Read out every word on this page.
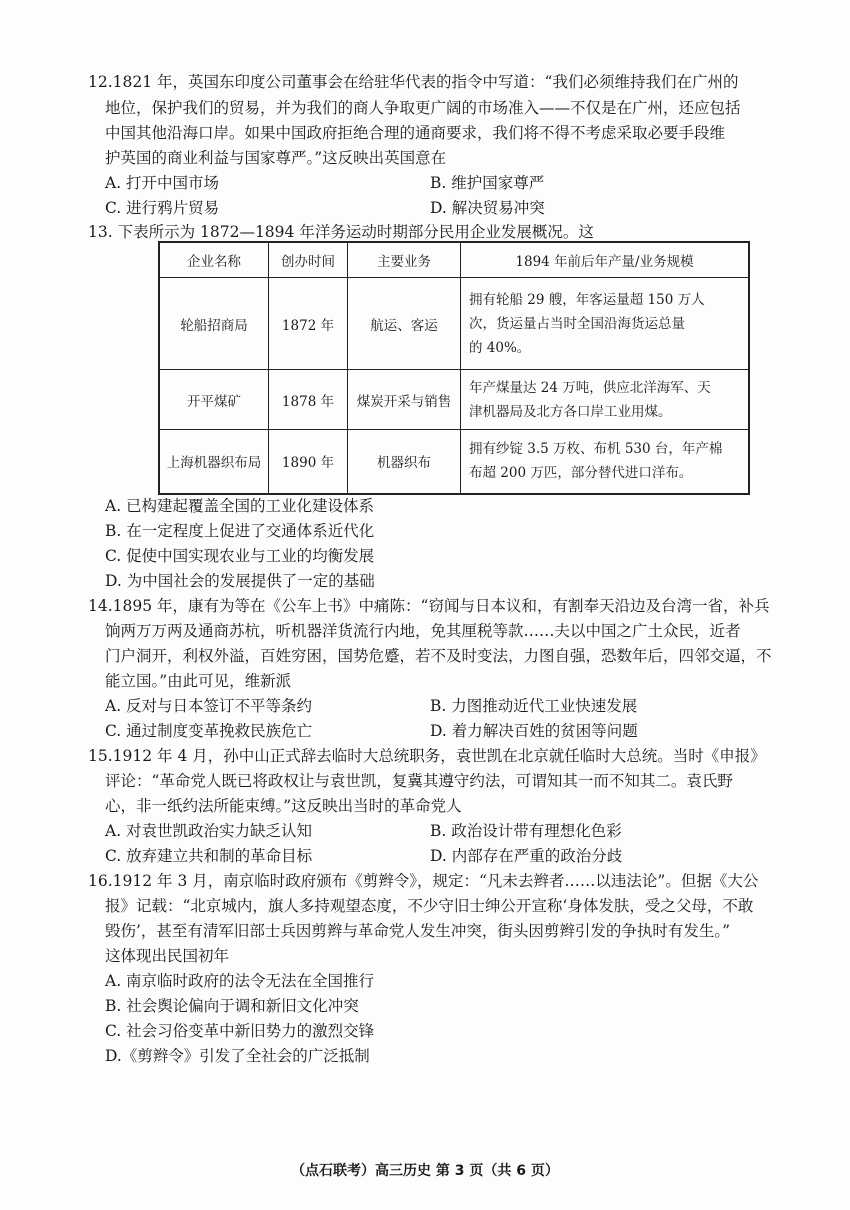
12.1821 年，英国东印度公司董事会在给驻华代表的指令中写道：“我们必须维持我们在广州的
地位，保护我们的贸易，并为我们的商人争取更广阔的市场准入——不仅是在广州，还应包括
中国其他沿海口岸。如果中国政府拒绝合理的通商要求，我们将不得不考虑采取必要手段维
护英国的商业利益与国家尊严。”这反映出英国意在
A. 打开中国市场	B. 维护国家尊严
C. 进行鸦片贸易	D. 解决贸易冲突
13. 下表所示为 1872—1894 年洋务运动时期部分民用企业发展概况。这
企业名称	创办时间	主要业务	1894 年前后年产量/业务规模
轮船招商局	1872 年	航运、客运	拥有轮船 29 艘，年客运量超 150 万人
次，货运量占当时全国沿海货运总量
的 40%。

开平煤矿	1878 年	煤炭开采与销售	年产煤量达 24 万吨，供应北洋海军、天
津机器局及北方各口岸工业用煤。

上海机器织布局	1890 年	机器织布	拥有纱锭 3.5 万枚、布机 530 台，年产棉
布超 200 万匹，部分替代进口洋布。
A. 已构建起覆盖全国的工业化建设体系
B. 在一定程度上促进了交通体系近代化
C. 促使中国实现农业与工业的均衡发展
D. 为中国社会的发展提供了一定的基础
14.1895 年，康有为等在《公车上书》中痛陈：“窃闻与日本议和，有割奉天沿边及台湾一省，补兵
饷两万万两及通商苏杭，听机器洋货流行内地，免其厘税等款……夫以中国之广土众民，近者
门户洞开，利权外溢，百姓穷困，国势危蹙，若不及时变法，力图自强，恐数年后，四邻交逼，不
能立国。”由此可见，维新派
A. 反对与日本签订不平等条约	B. 力图推动近代工业快速发展
C. 通过制度变革挽救民族危亡	D. 着力解决百姓的贫困等问题
15.1912 年 4 月，孙中山正式辞去临时大总统职务，袁世凯在北京就任临时大总统。当时《申报》
评论：“革命党人既已将政权让与袁世凯，复冀其遵守约法，可谓知其一而不知其二。袁氏野
心，非一纸约法所能束缚。”这反映出当时的革命党人
A. 对袁世凯政治实力缺乏认知	B. 政治设计带有理想化色彩
C. 放弃建立共和制的革命目标	D. 内部存在严重的政治分歧
16.1912 年 3 月，南京临时政府颁布《剪辫令》，规定：“凡未去辫者……以违法论”。但据《大公
报》记载：“北京城内，旗人多持观望态度，不少守旧士绅公开宣称‘身体发肤，受之父母，不敢
毁伤’，甚至有清军旧部士兵因剪辫与革命党人发生冲突，街头因剪辫引发的争执时有发生。”
这体现出民国初年
A. 南京临时政府的法令无法在全国推行
B. 社会舆论偏向于调和新旧文化冲突
C. 社会习俗变革中新旧势力的激烈交锋
D.《剪辫令》引发了全社会的广泛抵制
（点石联考）高三历史 第 3 页（共 6 页）
